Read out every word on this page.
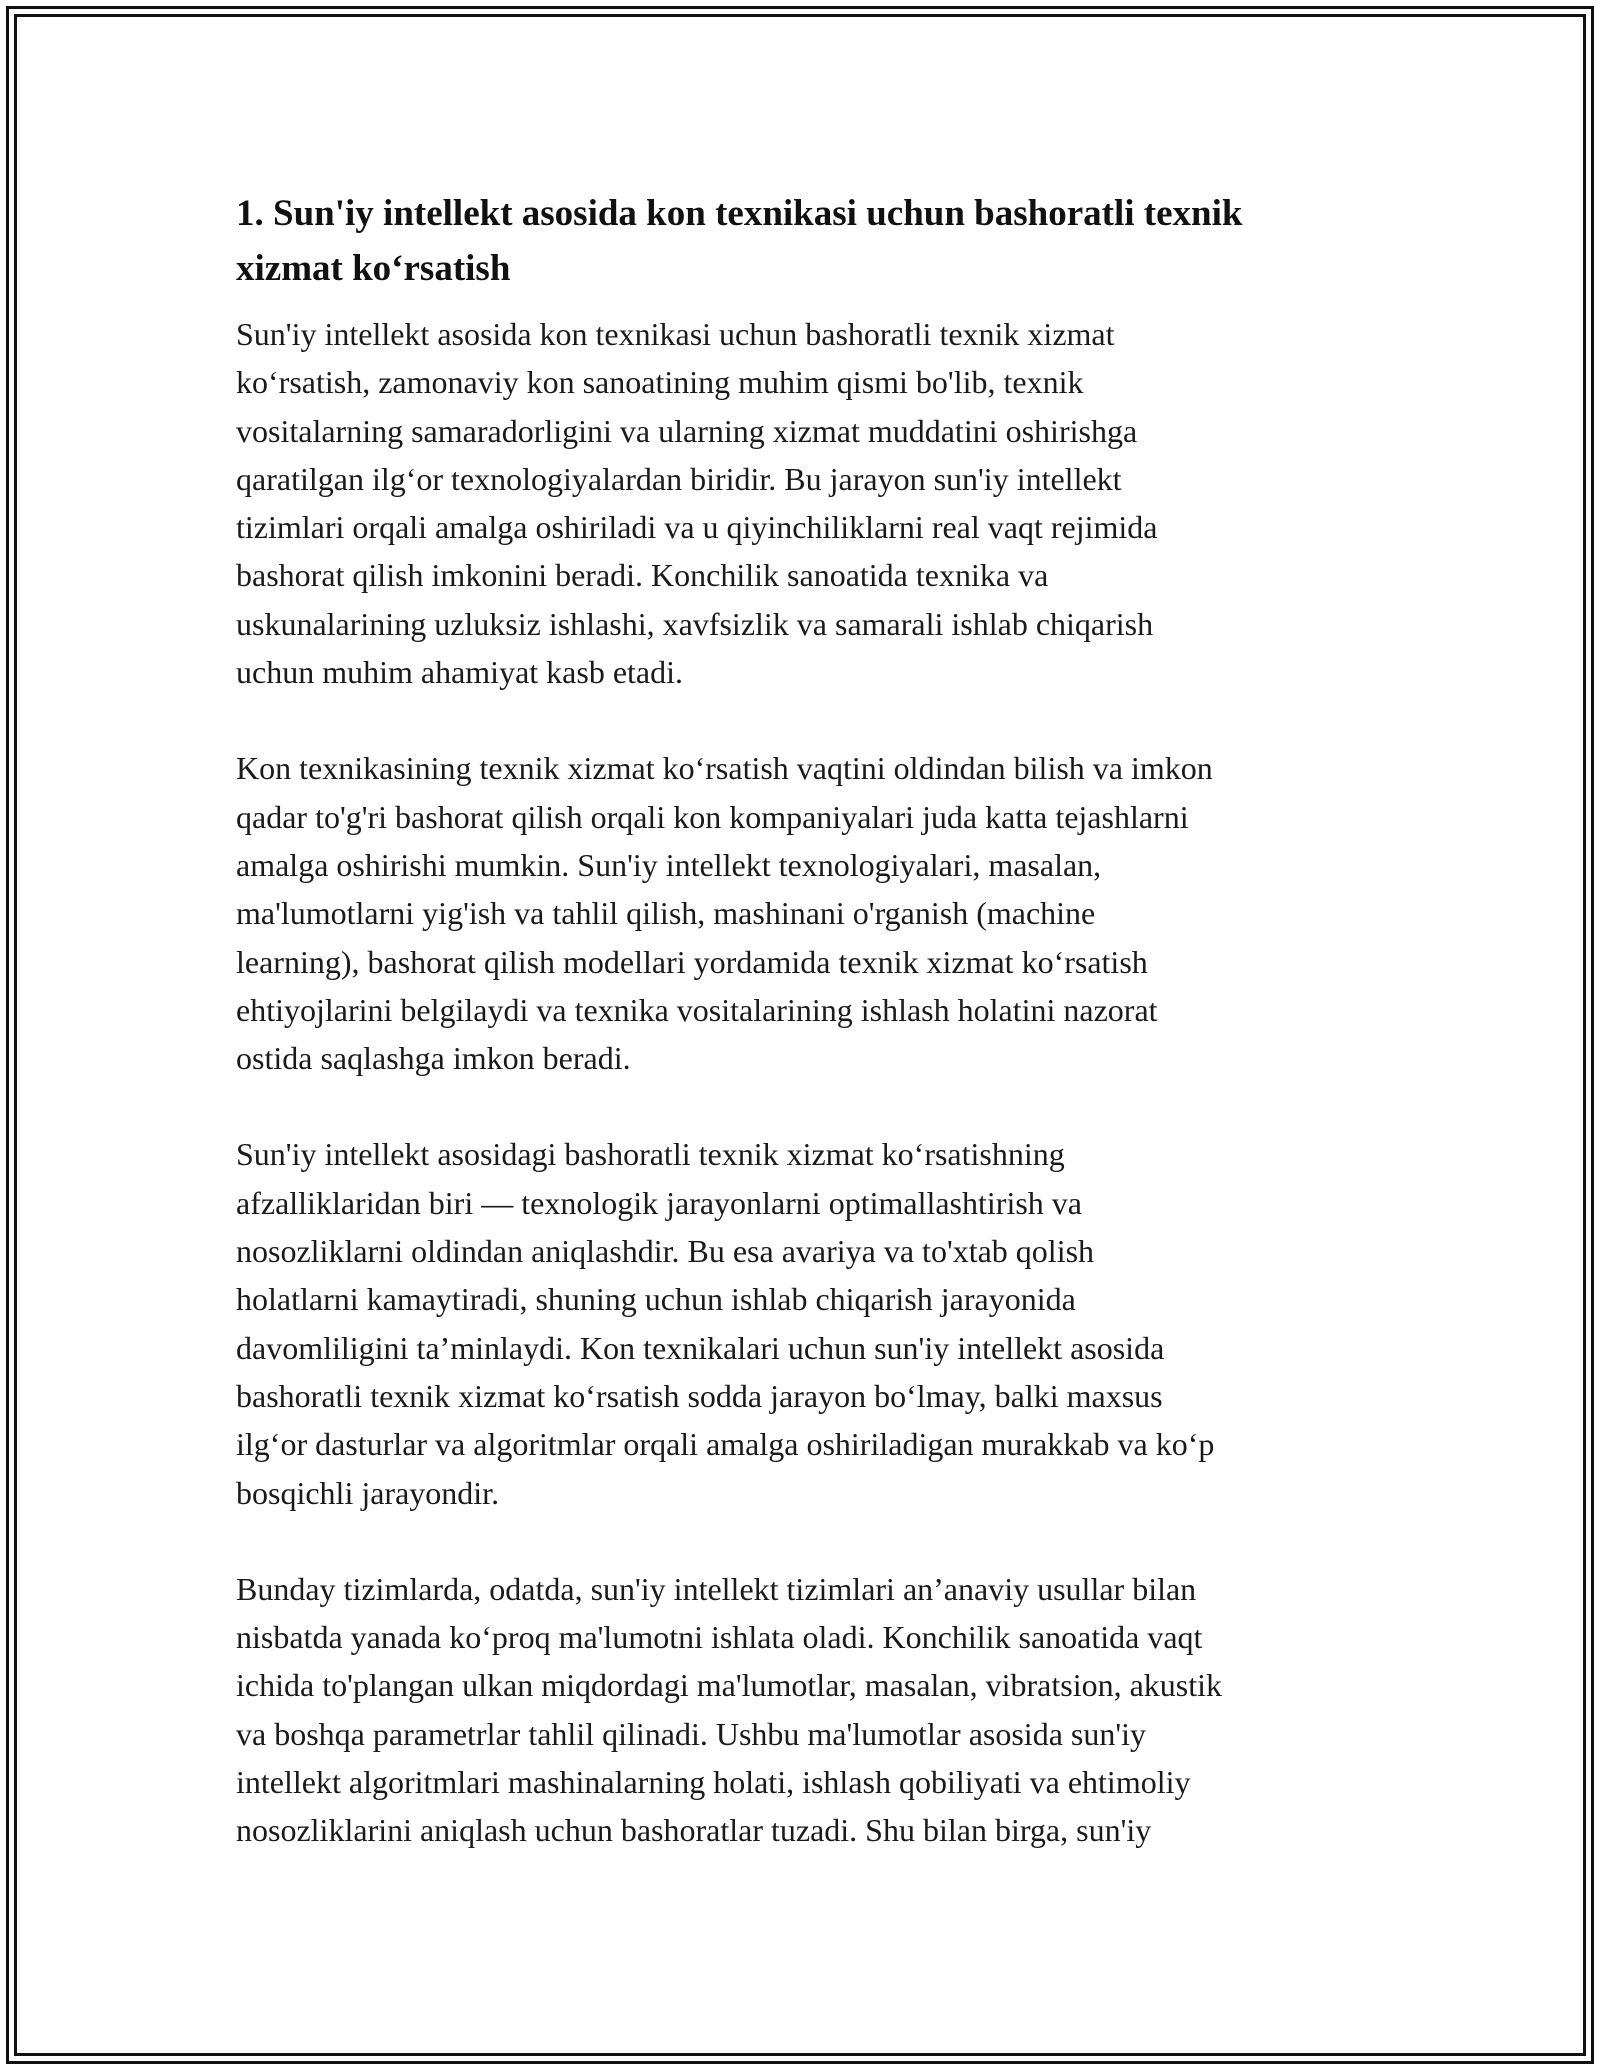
1. Sun'iy intellekt asosida kon texnikasi uchun bashoratli texnik xizmat ko‘rsatish
Sun'iy intellekt asosida kon texnikasi uchun bashoratli texnik xizmat
ko‘rsatish, zamonaviy kon sanoatining muhim qismi bo'lib, texnik
vositalarning samaradorligini va ularning xizmat muddatini oshirishga
qaratilgan ilg‘or texnologiyalardan biridir. Bu jarayon sun'iy intellekt
tizimlari orqali amalga oshiriladi va u qiyinchiliklarni real vaqt rejimida
bashorat qilish imkonini beradi. Konchilik sanoatida texnika va
uskunalarining uzluksiz ishlashi, xavfsizlik va samarali ishlab chiqarish
uchun muhim ahamiyat kasb etadi.
Kon texnikasining texnik xizmat ko‘rsatish vaqtini oldindan bilish va imkon
qadar to'g'ri bashorat qilish orqali kon kompaniyalari juda katta tejashlarni
amalga oshirishi mumkin. Sun'iy intellekt texnologiyalari, masalan,
ma'lumotlarni yig'ish va tahlil qilish, mashinani o'rganish (machine
learning), bashorat qilish modellari yordamida texnik xizmat ko‘rsatish
ehtiyojlarini belgilaydi va texnika vositalarining ishlash holatini nazorat
ostida saqlashga imkon beradi.
Sun'iy intellekt asosidagi bashoratli texnik xizmat ko‘rsatishning
afzalliklaridan biri — texnologik jarayonlarni optimallashtirish va
nosozliklarni oldindan aniqlashdir. Bu esa avariya va to'xtab qolish
holatlarni kamaytiradi, shuning uchun ishlab chiqarish jarayonida
davomliligini ta’minlaydi. Kon texnikalari uchun sun'iy intellekt asosida
bashoratli texnik xizmat ko‘rsatish sodda jarayon bo‘lmay, balki maxsus
ilg‘or dasturlar va algoritmlar orqali amalga oshiriladigan murakkab va ko‘p
bosqichli jarayondir.
Bunday tizimlarda, odatda, sun'iy intellekt tizimlari an’anaviy usullar bilan
nisbatda yanada ko‘proq ma'lumotni ishlata oladi. Konchilik sanoatida vaqt
ichida to'plangan ulkan miqdordagi ma'lumotlar, masalan, vibratsion, akustik
va boshqa parametrlar tahlil qilinadi. Ushbu ma'lumotlar asosida sun'iy
intellekt algoritmlari mashinalarning holati, ishlash qobiliyati va ehtimoliy
nosozliklarini aniqlash uchun bashoratlar tuzadi. Shu bilan birga, sun'iy
